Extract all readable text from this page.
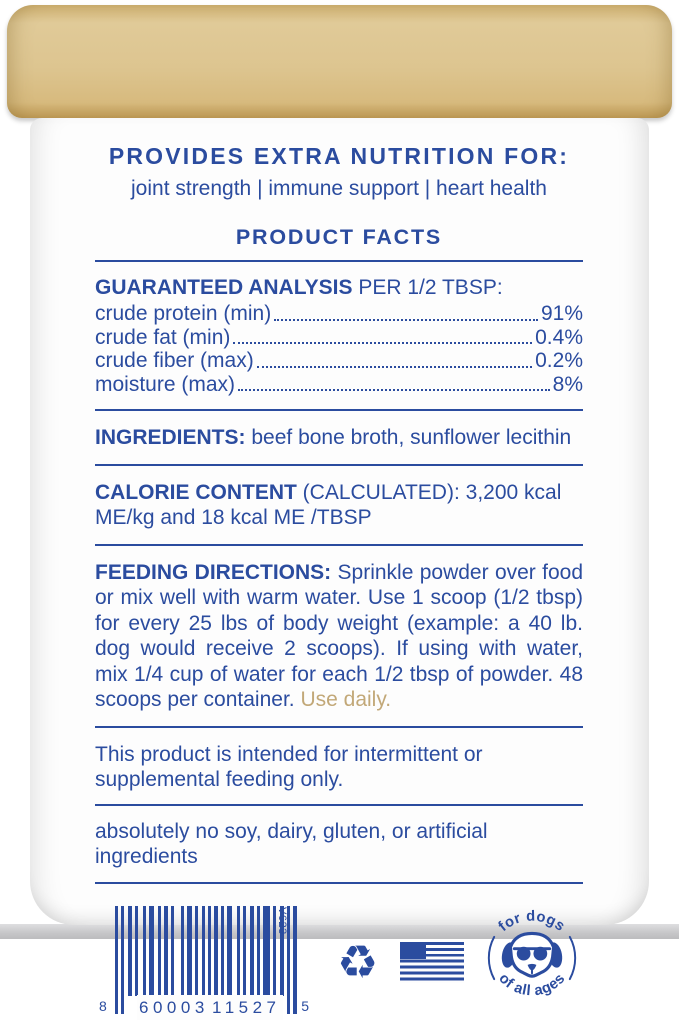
PROVIDES EXTRA NUTRITION FOR:
joint strength | immune support | heart health
PRODUCT FACTS
GUARANTEED ANALYSIS PER 1/2 TBSP:
crude protein (min)	91%
crude fat (min)	0.4%
crude fiber (max)	0.2%
moisture (max)	8%
INGREDIENTS: beef bone broth, sunflower lecithin
CALORIE CONTENT (CALCULATED): 3,200 kcal ME/kg and 18 kcal ME /TBSP
FEEDING DIRECTIONS: Sprinkle powder over food or mix well with warm water. Use 1 scoop (1/2 tbsp) for every 25 lbs of body weight (example: a 40 lb. dog would receive 2 scoops). If using with water, mix 1/4 cup of water for each 1/2 tbsp of powder. 48 scoops per container. Use daily.
This product is intended for intermittent or supplemental feeding only.
absolutely no soy, dairy, gluten, or artificial ingredients
8 60003 11527 5
V623
♻
for dogs
of all ages
